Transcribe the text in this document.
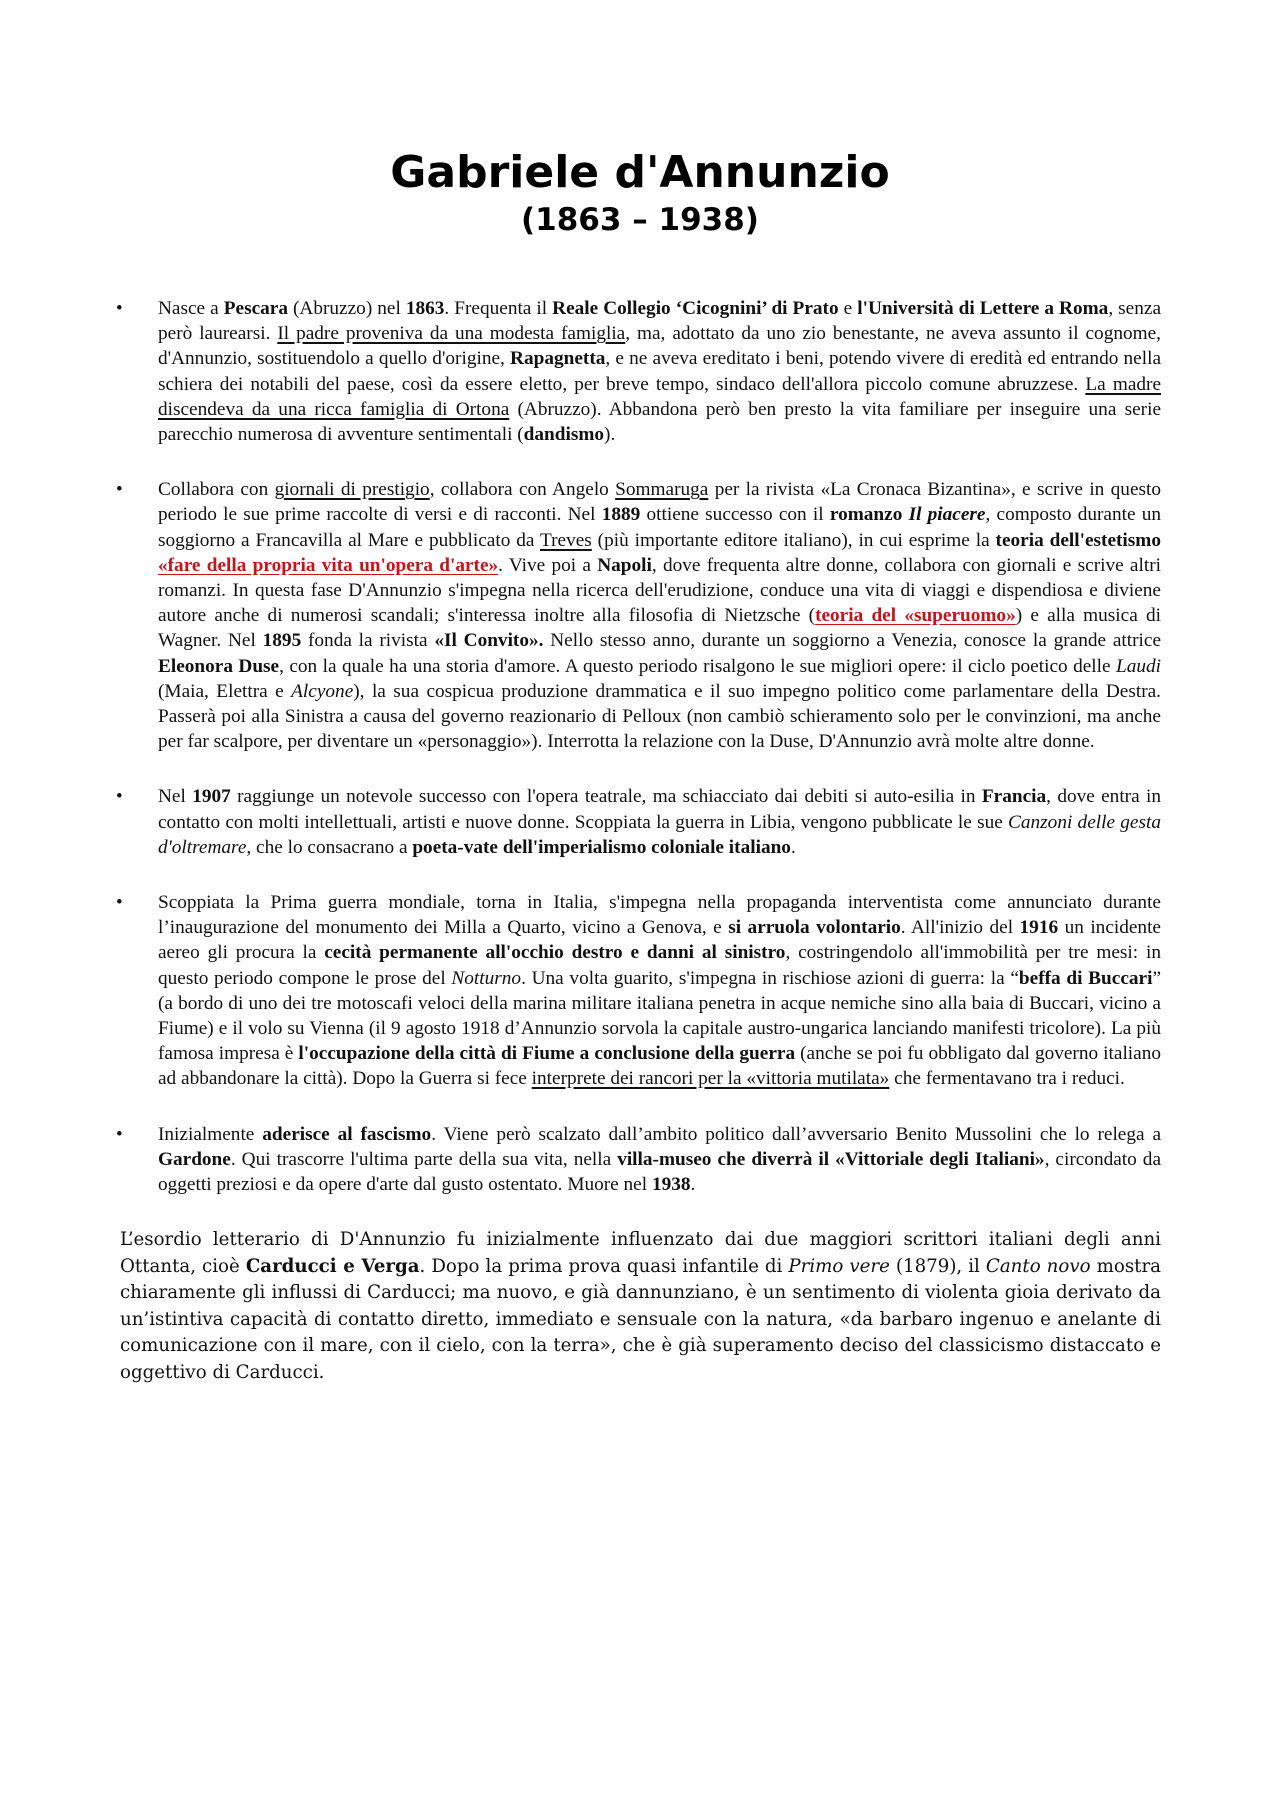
Gabriele d'Annunzio
(1863 – 1938)

• Nasce a Pescara (Abruzzo) nel 1863. Frequenta il Reale Collegio ‘Cicognini’ di Prato e l'Università di Lettere a Roma, senza però laurearsi. Il padre proveniva da una modesta famiglia, ma, adottato da uno zio benestante, ne aveva assunto il cognome, d'Annunzio, sostituendolo a quello d'origine, Rapagnetta, e ne aveva ereditato i beni, potendo vivere di eredità ed entrando nella schiera dei notabili del paese, così da essere eletto, per breve tempo, sindaco dell'allora piccolo comune abruzzese. La madre discendeva da una ricca famiglia di Ortona (Abruzzo). Abbandona però ben presto la vita familiare per inseguire una serie parecchio numerosa di avventure sentimentali (dandismo).

• Collabora con giornali di prestigio, collabora con Angelo Sommaruga per la rivista «La Cronaca Bizantina», e scrive in questo periodo le sue prime raccolte di versi e di racconti. Nel 1889 ottiene successo con il romanzo Il piacere, composto durante un soggiorno a Francavilla al Mare e pubblicato da Treves (più importante editore italiano), in cui esprime la teoria dell'estetismo «fare della propria vita un'opera d'arte». Vive poi a Napoli, dove frequenta altre donne, collabora con giornali e scrive altri romanzi. In questa fase D'Annunzio s'impegna nella ricerca dell'erudizione, conduce una vita di viaggi e dispendiosa e diviene autore anche di numerosi scandali; s'interessa inoltre alla filosofia di Nietzsche (teoria del «superuomo») e alla musica di Wagner. Nel 1895 fonda la rivista «Il Convito». Nello stesso anno, durante un soggiorno a Venezia, conosce la grande attrice Eleonora Duse, con la quale ha una storia d'amore. A questo periodo risalgono le sue migliori opere: il ciclo poetico delle Laudi (Maia, Elettra e Alcyone), la sua cospicua produzione drammatica e il suo impegno politico come parlamentare della Destra. Passerà poi alla Sinistra a causa del governo reazionario di Pelloux (non cambiò schieramento solo per le convinzioni, ma anche per far scalpore, per diventare un «personaggio»). Interrotta la relazione con la Duse, D'Annunzio avrà molte altre donne.

• Nel 1907 raggiunge un notevole successo con l'opera teatrale, ma schiacciato dai debiti si auto-esilia in Francia, dove entra in contatto con molti intellettuali, artisti e nuove donne. Scoppiata la guerra in Libia, vengono pubblicate le sue Canzoni delle gesta d'oltremare, che lo consacrano a poeta-vate dell'imperialismo coloniale italiano.

• Scoppiata la Prima guerra mondiale, torna in Italia, s'impegna nella propaganda interventista come annunciato durante l’inaugurazione del monumento dei Milla a Quarto, vicino a Genova, e si arruola volontario. All'inizio del 1916 un incidente aereo gli procura la cecità permanente all'occhio destro e danni al sinistro, costringendolo all'immobilità per tre mesi: in questo periodo compone le prose del Notturno. Una volta guarito, s'impegna in rischiose azioni di guerra: la “beffa di Buccari” (a bordo di uno dei tre motoscafi veloci della marina militare italiana penetra in acque nemiche sino alla baia di Buccari, vicino a Fiume) e il volo su Vienna (il 9 agosto 1918 d’Annunzio sorvola la capitale austro-ungarica lanciando manifesti tricolore). La più famosa impresa è l'occupazione della città di Fiume a conclusione della guerra (anche se poi fu obbligato dal governo italiano ad abbandonare la città). Dopo la Guerra si fece interprete dei rancori per la «vittoria mutilata» che fermentavano tra i reduci.

• Inizialmente aderisce al fascismo. Viene però scalzato dall’ambito politico dall’avversario Benito Mussolini che lo relega a Gardone. Qui trascorre l'ultima parte della sua vita, nella villa-museo che diverrà il «Vittoriale degli Italiani», circondato da oggetti preziosi e da opere d'arte dal gusto ostentato. Muore nel 1938.

L’esordio letterario di D'Annunzio fu inizialmente influenzato dai due maggiori scrittori italiani degli anni Ottanta, cioè Carducci e Verga. Dopo la prima prova quasi infantile di Primo vere (1879), il Canto novo mostra chiaramente gli influssi di Carducci; ma nuovo, e già dannunziano, è un sentimento di violenta gioia derivato da un’istintiva capacità di contatto diretto, immediato e sensuale con la natura, «da barbaro ingenuo e anelante di comunicazione con il mare, con il cielo, con la terra», che è già superamento deciso del classicismo distaccato e oggettivo di Carducci.
